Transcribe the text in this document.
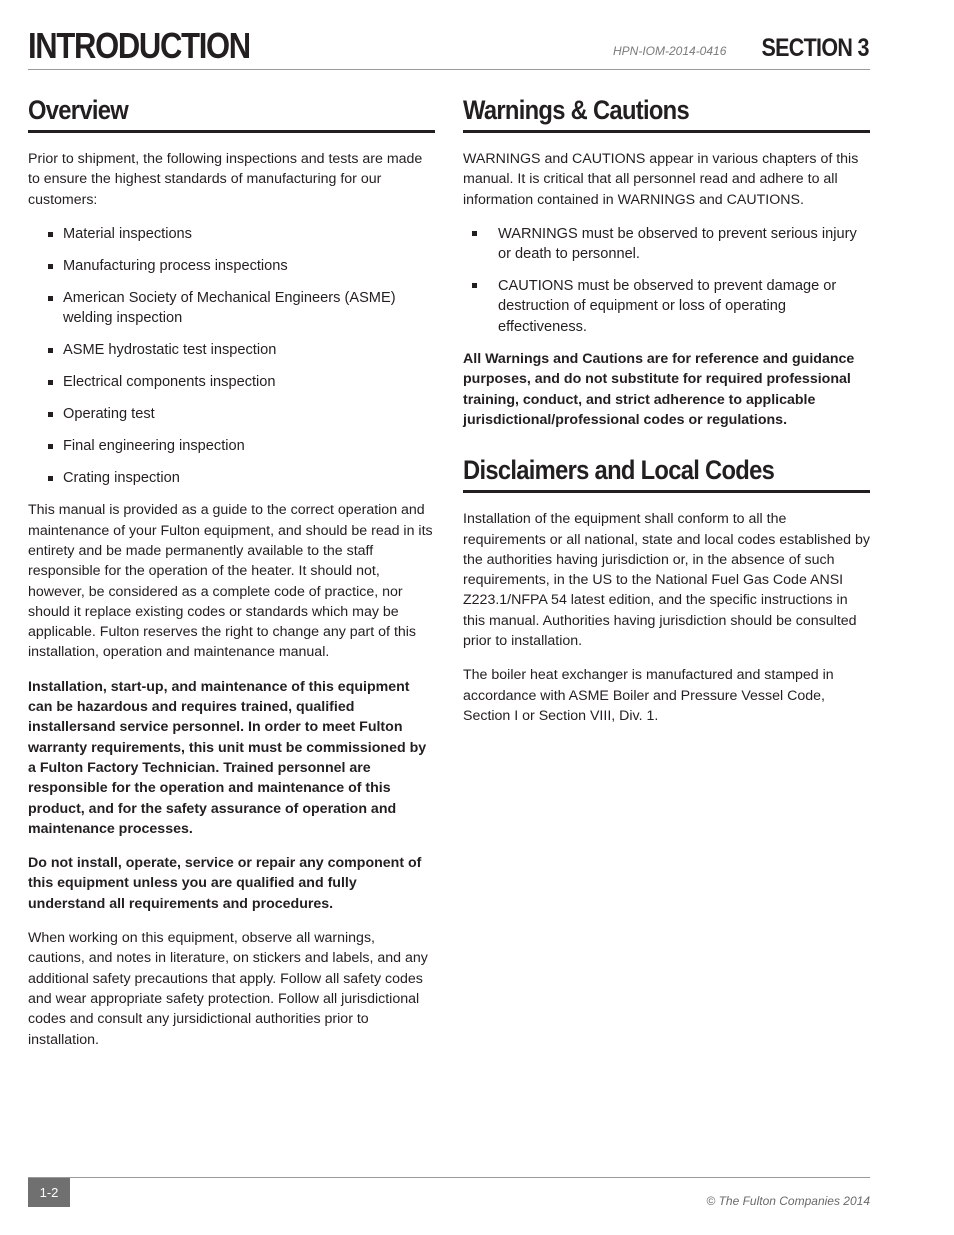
INTRODUCTION	HPN-IOM-2014-0416 SECTION 3
Overview

Prior to shipment, the following inspections and tests are made to ensure the highest standards of manufacturing for our customers:

Material inspections
Manufacturing process inspections
American Society of Mechanical Engineers (ASME) welding inspection
ASME hydrostatic test inspection
Electrical components inspection
Operating test
Final engineering inspection
Crating inspection

This manual is provided as a guide to the correct operation and maintenance of your Fulton equipment, and should be read in its entirety and be made permanently available to the staff responsible for the operation of the heater. It should not, however, be considered as a complete code of practice, nor should it replace existing codes or standards which may be applicable. Fulton reserves the right to change any part of this installation, operation and maintenance manual.

Installation, start-up, and maintenance of this equipment can be hazardous and requires trained, qualified installersand service personnel. In order to meet Fulton warranty requirements, this unit must be commissioned by a Fulton Factory Technician. Trained personnel are responsible for the operation and maintenance of this product, and for the safety assurance of operation and maintenance processes.

Do not install, operate, service or repair any component of this equipment unless you are qualified and fully understand all requirements and procedures.

When working on this equipment, observe all warnings, cautions, and notes in literature, on stickers and labels, and any additional safety precautions that apply. Follow all safety codes and wear appropriate safety protection. Follow all jurisdictional codes and consult any jursidictional authorities prior to installation.

Warnings & Cautions

WARNINGS and CAUTIONS appear in various chapters of this manual. It is critical that all personnel read and adhere to all information contained in WARNINGS and CAUTIONS.

WARNINGS must be observed to prevent serious injury or death to personnel.
CAUTIONS must be observed to prevent damage or destruction of equipment or loss of operating effectiveness.

All Warnings and Cautions are for reference and guidance purposes, and do not substitute for required professional training, conduct, and strict adherence to applicable jurisdictional/professional codes or regulations.

Disclaimers and Local Codes

Installation of the equipment shall conform to all the requirements or all national, state and local codes established by the authorities having jurisdiction or, in the absence of such requirements, in the US to the National Fuel Gas Code ANSI Z223.1/NFPA 54 latest edition, and the specific instructions in this manual. Authorities having jurisdiction should be consulted prior to installation.

The boiler heat exchanger is manufactured and stamped in accordance with ASME Boiler and Pressure Vessel Code, Section I or Section VIII, Div. 1.

1-2
© The Fulton Companies 2014
